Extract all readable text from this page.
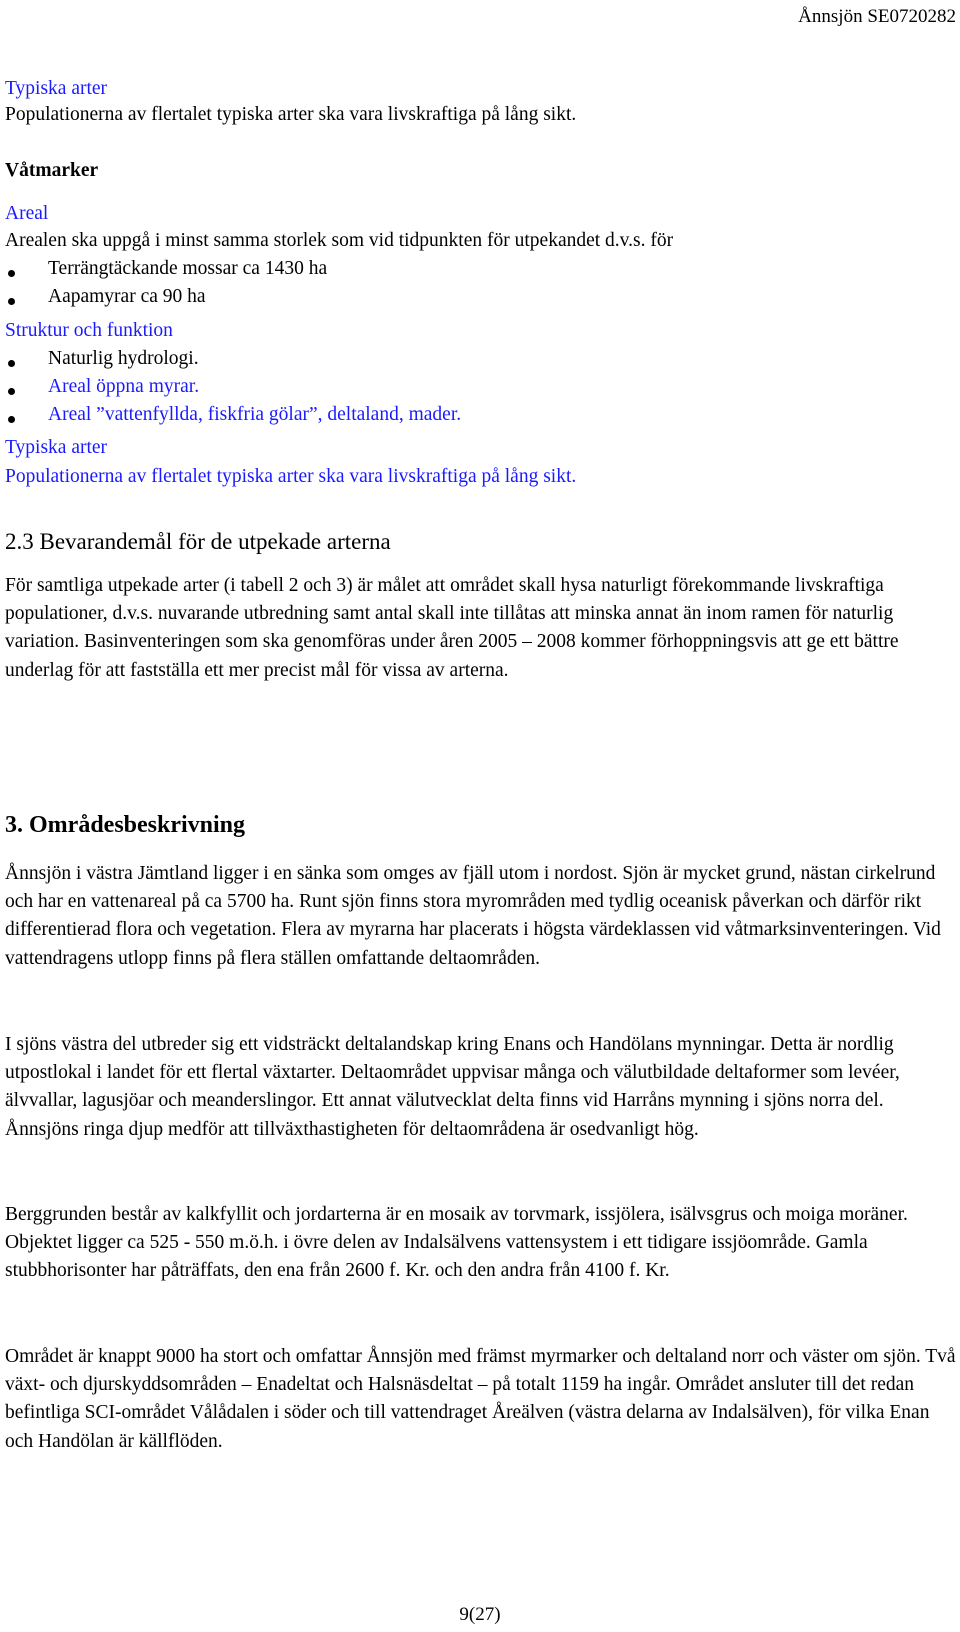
Ånnsjön SE0720282
Typiska arter
Populationerna av flertalet typiska arter ska vara livskraftiga på lång sikt.
Våtmarker
Areal
Arealen ska uppgå i minst samma storlek som vid tidpunkten för utpekandet d.v.s. för
Terrängtäckande mossar ca 1430 ha
Aapamyrar ca 90 ha
Struktur och funktion
Naturlig hydrologi.
Areal öppna myrar.
Areal ”vattenfyllda, fiskfria gölar”, deltaland, mader.
Typiska arter
Populationerna av flertalet typiska arter ska vara livskraftiga på lång sikt.
2.3 Bevarandemål för de utpekade arterna
För samtliga utpekade arter (i tabell 2 och 3) är målet att området skall hysa naturligt förekommande livskraftiga populationer, d.v.s. nuvarande utbredning samt antal skall inte tillåtas att minska annat än inom ramen för naturlig variation. Basinventeringen som ska genomföras under åren 2005 – 2008 kommer förhoppningsvis att ge ett bättre underlag för att fastställa ett mer precist mål för vissa av arterna.
3. Områdesbeskrivning
Ånnsjön i västra Jämtland ligger i en sänka som omges av fjäll utom i nordost. Sjön är mycket grund, nästan cirkelrund och har en vattenareal på ca 5700 ha. Runt sjön finns stora myrområden med tydlig oceanisk påverkan och därför rikt differentierad flora och vegetation. Flera av myrarna har placerats i högsta värdeklassen vid våtmarksinventeringen. Vid vattendragens utlopp finns på flera ställen omfattande deltaområden.
I sjöns västra del utbreder sig ett vidsträckt deltalandskap kring Enans och Handölans mynningar. Detta är nordlig utpostlokal i landet för ett flertal växtarter. Deltaområdet uppvisar många och välutbildade deltaformer som levéer, älvvallar, lagusjöar och meanderslingor. Ett annat välutvecklat delta finns vid Harråns mynning i sjöns norra del. Ånnsjöns ringa djup medför att tillväxthastigheten för deltaområdena är osedvanligt hög.
Berggrunden består av kalkfyllit och jordarterna är en mosaik av torvmark, issjölera, isälvsgrus och moiga moräner. Objektet ligger ca 525 - 550 m.ö.h. i övre delen av Indalsälvens vattensystem i ett tidigare issjöområde. Gamla stubbhorisonter har påträffats, den ena från 2600 f. Kr. och den andra från 4100 f. Kr.
Området är knappt 9000 ha stort och omfattar Ånnsjön med främst myrmarker och deltaland norr och väster om sjön. Två växt- och djurskyddsområden – Enadeltat och Halsnäsdeltat – på totalt 1159 ha ingår. Området ansluter till det redan befintliga SCI-området Vålådalen i söder och till vattendraget Åreälven (västra delarna av Indalsälven), för vilka Enan och Handölan är källflöden.
9(27)
